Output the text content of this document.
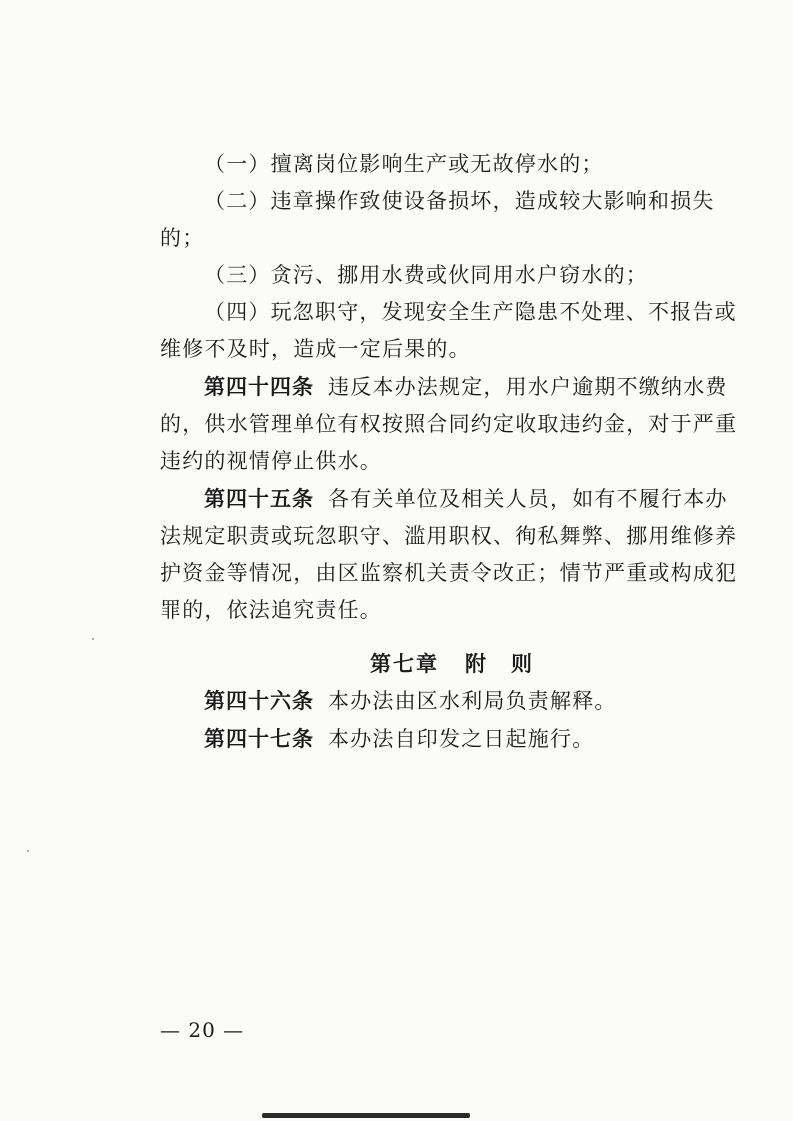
（一）擅离岗位影响生产或无故停水的；

（二）违章操作致使设备损坏，造成较大影响和损失的；

（三）贪污、挪用水费或伙同用水户窃水的；

（四）玩忽职守，发现安全生产隐患不处理、不报告或维修不及时，造成一定后果的。

第四十四条 违反本办法规定，用水户逾期不缴纳水费的，供水管理单位有权按照合同约定收取违约金，对于严重违约的视情停止供水。

第四十五条 各有关单位及相关人员，如有不履行本办法规定职责或玩忽职守、滥用职权、徇私舞弊、挪用维修养护资金等情况，由区监察机关责令改正；情节严重或构成犯罪的，依法追究责任。

第七章 附　则

第四十六条 本办法由区水利局负责解释。

第四十七条 本办法自印发之日起施行。

— 20 —
